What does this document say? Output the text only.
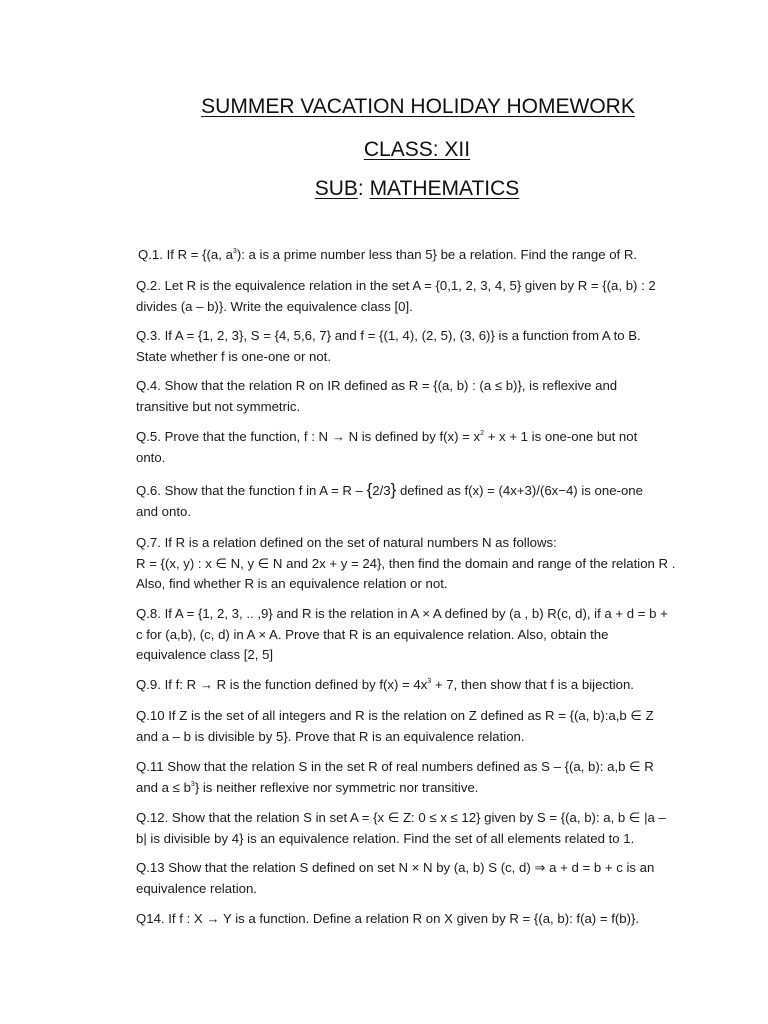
SUMMER VACATION HOLIDAY HOMEWORK
CLASS: XII
SUB: MATHEMATICS
Q.1. If R = {(a, $a^3$): a is a prime number less than 5} be a relation. Find the range of R.
Q.2. Let R is the equivalence relation in the set A = {0,1, 2, 3, 4, 5} given by R = {(a, b) : 2
divides (a – b)}. Write the equivalence class [0].
Q.3. If A = {1, 2, 3}, S = {4, 5,6, 7} and f = {(1, 4), (2, 5), (3, 6)} is a function from A to B.
State whether f is one-one or not.
Q.4. Show that the relation R on IR defined as R = {(a, b) : (a ≤ b)}, is reflexive and
transitive but not symmetric.
Q.5. Prove that the function, f : N → N is defined by $f(x) = x^2 + x + 1$ is one-one but not
onto.
Q.6. Show that the function f in A = R – {2/3} defined as f(x) = (4x+3)/(6x−4) is one-one
and onto.
Q.7. If R is a relation defined on the set of natural numbers N as follows:
R = {(x, y) : x ∈ N, y ∈ N and 2x + y = 24}, then find the domain and range of the relation R .
Also, find whether R is an equivalence relation or not.
Q.8. If A = {1, 2, 3, .. ,9} and R is the relation in A × A defined by (a , b) R(c, d), if a + d = b +
c for (a,b), (c, d) in A × A. Prove that R is an equivalence relation. Also, obtain the
equivalence class [2, 5]
Q.9. If f: R → R is the function defined by $f(x) = 4x^3 + 7$, then show that f is a bijection.
Q.10 If Z is the set of all integers and R is the relation on Z defined as R = {(a, b):a,b ∈ Z
and a – b is divisible by 5}. Prove that R is an equivalence relation.
Q.11 Show that the relation S in the set R of real numbers defined as S – {(a, b): a,b ∈ R
and $a \le b^3$} is neither reflexive nor symmetric nor transitive.
Q.12. Show that the relation S in set A = {x ∈ Z: 0 ≤ x ≤ 12} given by S = {(a, b): a, b ∈ |a –
b| is divisible by 4} is an equivalence relation. Find the set of all elements related to 1.
Q.13 Show that the relation S defined on set N × N by (a, b) S (c, d) ⇒ a + d = b + c is an
equivalence relation.
Q14. If f : X → Y is a function. Define a relation R on X given by R = {(a, b): f(a) = f(b)}.
